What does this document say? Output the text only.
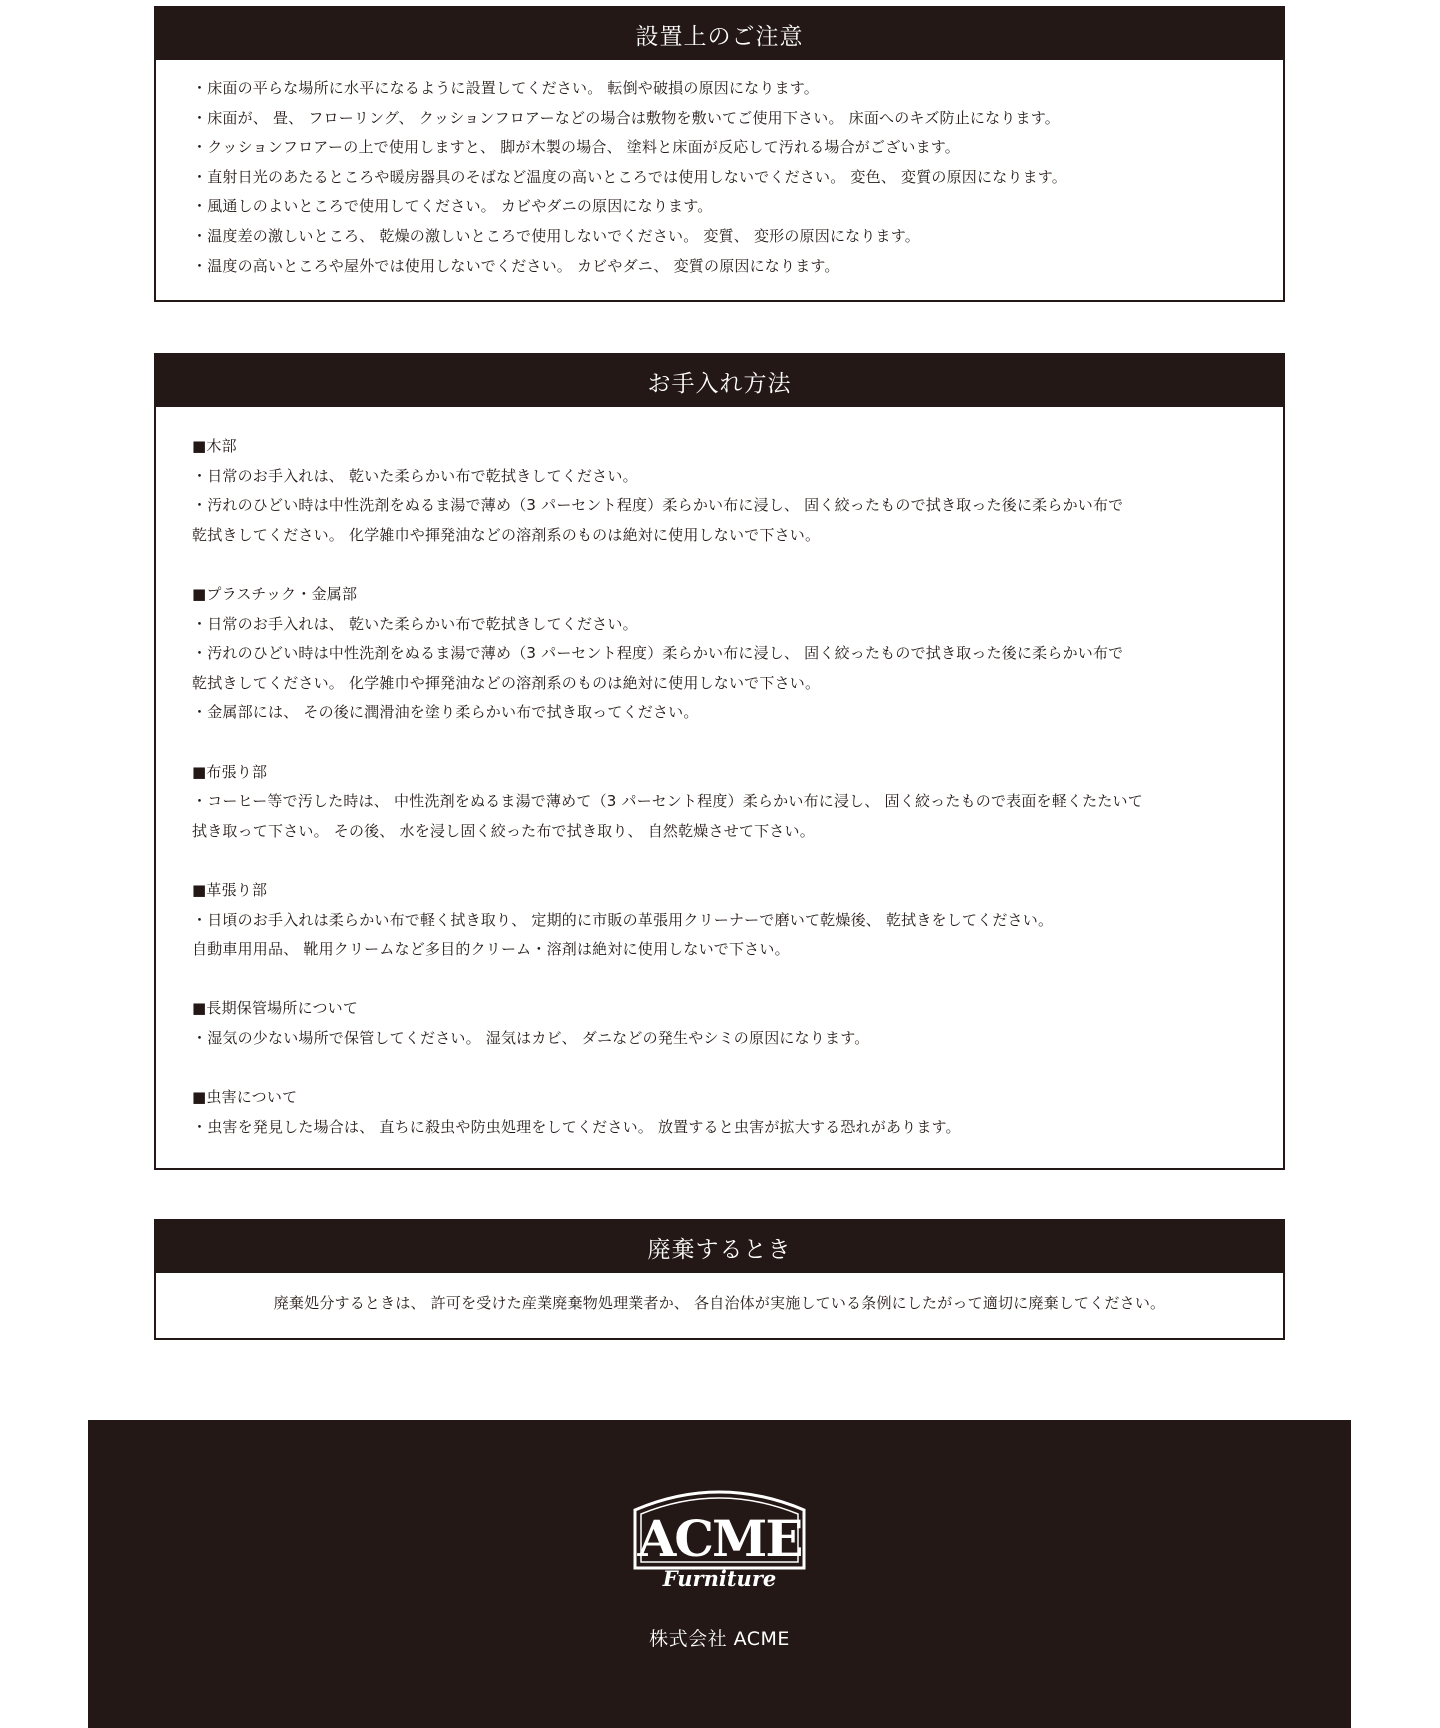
設置上のご注意
・床面の平らな場所に水平になるように設置してください。 転倒や破損の原因になります。
・床面が、 畳、 フローリング、 クッションフロアーなどの場合は敷物を敷いてご使用下さい。 床面へのキズ防止になります。
・クッションフロアーの上で使用しますと、 脚が木製の場合、 塗料と床面が反応して汚れる場合がございます。
・直射日光のあたるところや暖房器具のそばなど温度の高いところでは使用しないでください。 変色、 変質の原因になります。
・風通しのよいところで使用してください。 カビやダニの原因になります。
・温度差の激しいところ、 乾燥の激しいところで使用しないでください。 変質、 変形の原因になります。
・温度の高いところや屋外では使用しないでください。 カビやダニ、 変質の原因になります。
お手入れ方法
■木部
・日常のお手入れは、 乾いた柔らかい布で乾拭きしてください。
・汚れのひどい時は中性洗剤をぬるま湯で薄め（3 パーセント程度）柔らかい布に浸し、 固く絞ったもので拭き取った後に柔らかい布で
乾拭きしてください。 化学雑巾や揮発油などの溶剤系のものは絶対に使用しないで下さい。
■プラスチック・金属部
・日常のお手入れは、 乾いた柔らかい布で乾拭きしてください。
・汚れのひどい時は中性洗剤をぬるま湯で薄め（3 パーセント程度）柔らかい布に浸し、 固く絞ったもので拭き取った後に柔らかい布で
乾拭きしてください。 化学雑巾や揮発油などの溶剤系のものは絶対に使用しないで下さい。
・金属部には、 その後に潤滑油を塗り柔らかい布で拭き取ってください。
■布張り部
・コーヒー等で汚した時は、 中性洗剤をぬるま湯で薄めて（3 パーセント程度）柔らかい布に浸し、 固く絞ったもので表面を軽くたたいて
拭き取って下さい。 その後、 水を浸し固く絞った布で拭き取り、 自然乾燥させて下さい。
■革張り部
・日頃のお手入れは柔らかい布で軽く拭き取り、 定期的に市販の革張用クリーナーで磨いて乾燥後、 乾拭きをしてください。
自動車用用品、 靴用クリームなど多目的クリーム・溶剤は絶対に使用しないで下さい。
■長期保管場所について
・湿気の少ない場所で保管してください。 湿気はカビ、 ダニなどの発生やシミの原因になります。
■虫害について
・虫害を発見した場合は、 直ちに殺虫や防虫処理をしてください。 放置すると虫害が拡大する恐れがあります。
廃棄するとき
廃棄処分するときは、 許可を受けた産業廃棄物処理業者か、 各自治体が実施している条例にしたがって適切に廃棄してください。
ACME
Furniture
株式会社 ACME
